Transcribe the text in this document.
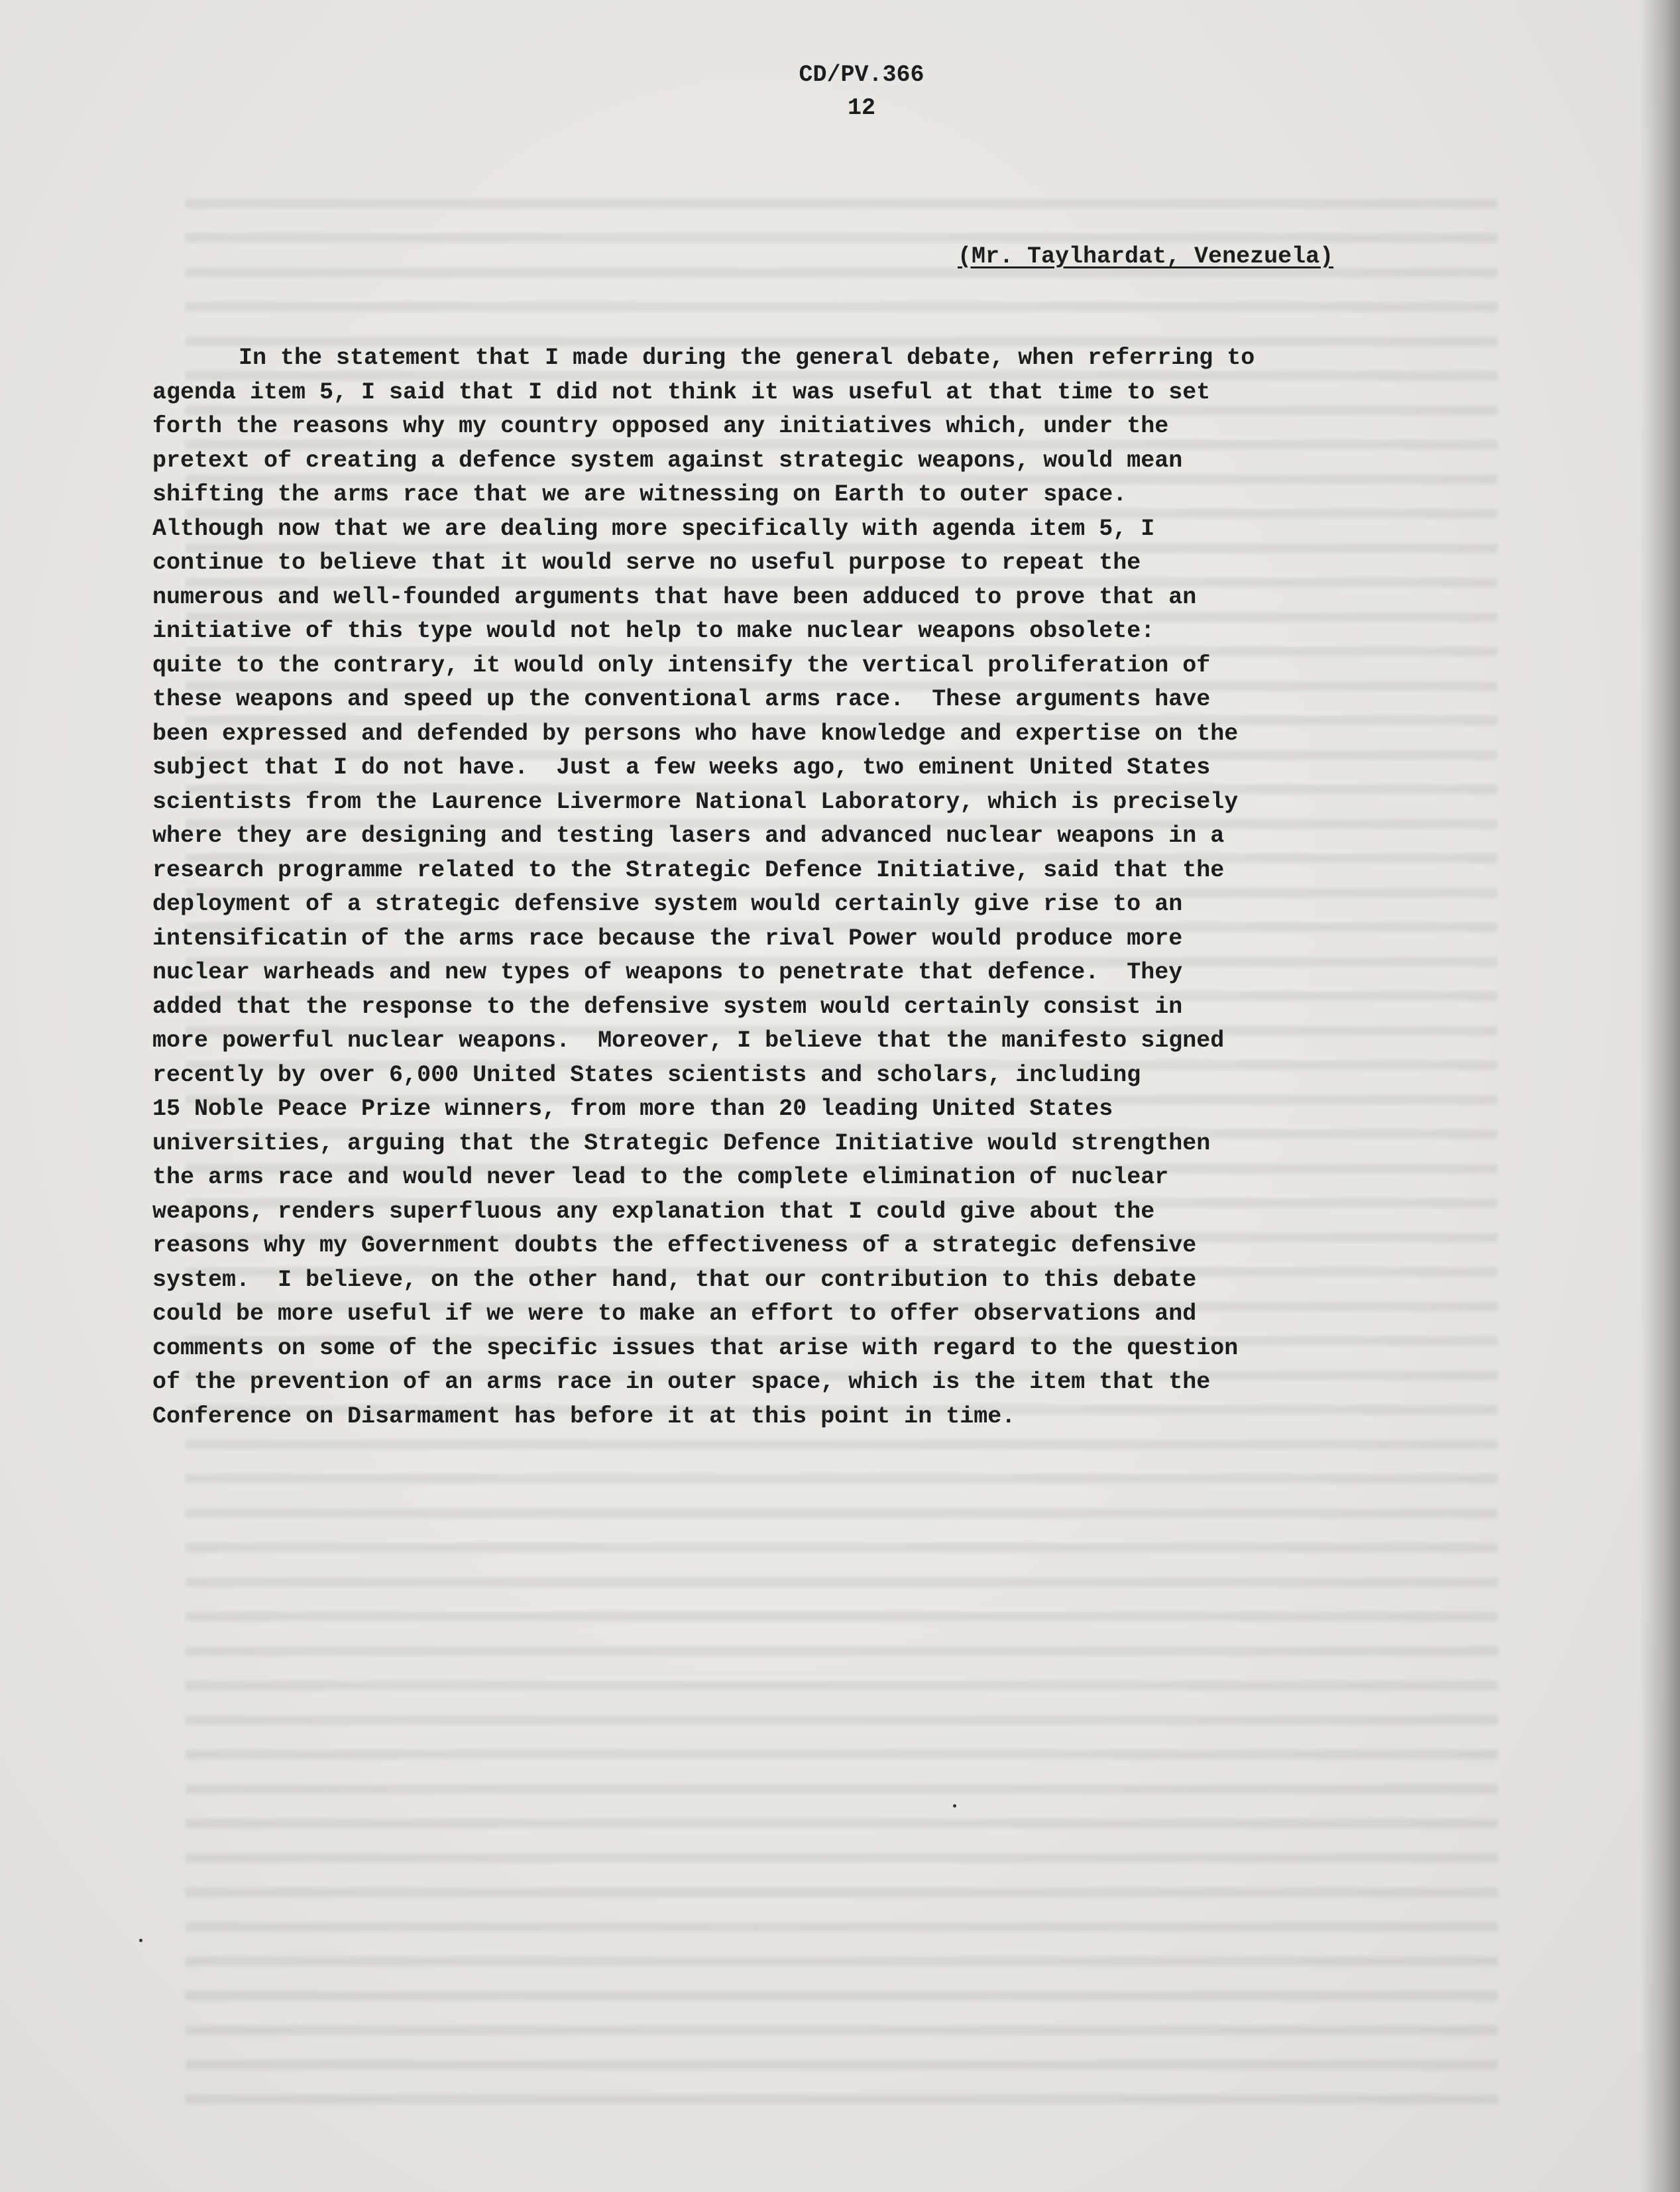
CD/PV.366
12
(Mr. Taylhardat, Venezuela)
In the statement that I made during the general debate, when referring to
agenda item 5, I said that I did not think it was useful at that time to set
forth the reasons why my country opposed any initiatives which, under the
pretext of creating a defence system against strategic weapons, would mean
shifting the arms race that we are witnessing on Earth to outer space.
Although now that we are dealing more specifically with agenda item 5, I
continue to believe that it would serve no useful purpose to repeat the
numerous and well-founded arguments that have been adduced to prove that an
initiative of this type would not help to make nuclear weapons obsolete:
quite to the contrary, it would only intensify the vertical proliferation of
these weapons and speed up the conventional arms race.  These arguments have
been expressed and defended by persons who have knowledge and expertise on the
subject that I do not have.  Just a few weeks ago, two eminent United States
scientists from the Laurence Livermore National Laboratory, which is precisely
where they are designing and testing lasers and advanced nuclear weapons in a
research programme related to the Strategic Defence Initiative, said that the
deployment of a strategic defensive system would certainly give rise to an
intensificatin of the arms race because the rival Power would produce more
nuclear warheads and new types of weapons to penetrate that defence.  They
added that the response to the defensive system would certainly consist in
more powerful nuclear weapons.  Moreover, I believe that the manifesto signed
recently by over 6,000 United States scientists and scholars, including
15 Noble Peace Prize winners, from more than 20 leading United States
universities, arguing that the Strategic Defence Initiative would strengthen
the arms race and would never lead to the complete elimination of nuclear
weapons, renders superfluous any explanation that I could give about the
reasons why my Government doubts the effectiveness of a strategic defensive
system.  I believe, on the other hand, that our contribution to this debate
could be more useful if we were to make an effort to offer observations and
comments on some of the specific issues that arise with regard to the question
of the prevention of an arms race in outer space, which is the item that the
Conference on Disarmament has before it at this point in time.
